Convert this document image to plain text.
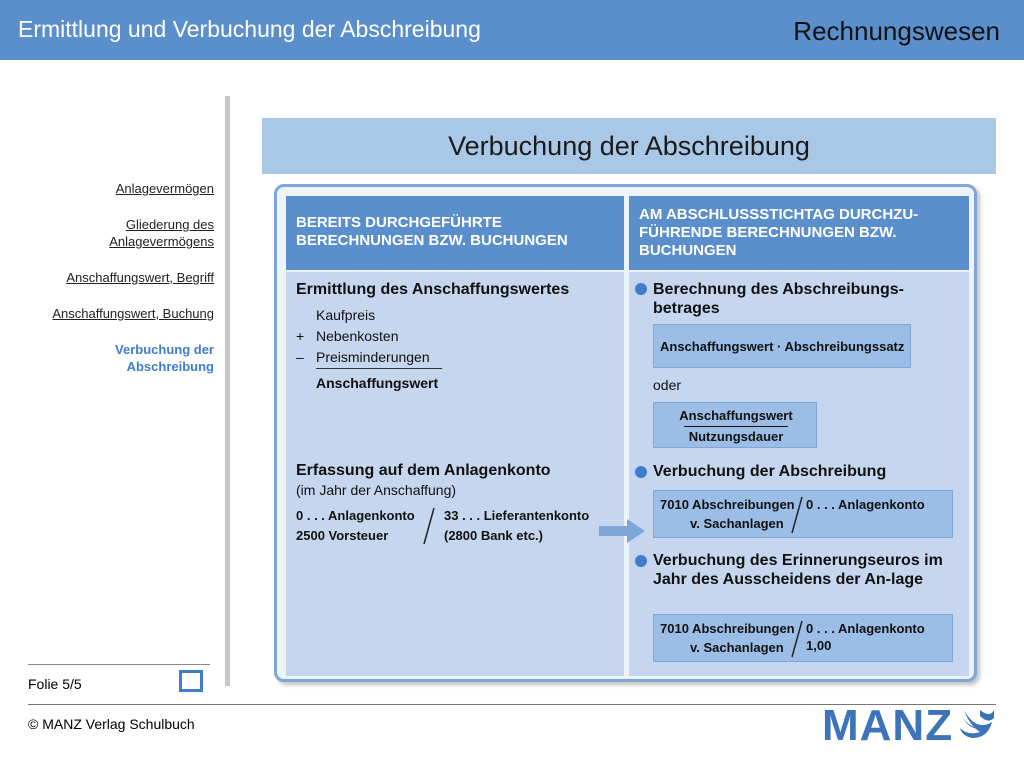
Ermittlung und Verbuchung der Abschreibung	Rechnungswesen
Anlagevermögen
Gliederung des Anlagevermögens
Anschaffungswert, Begriff
Anschaffungswert, Buchung
Verbuchung der Abschreibung
Folie 5/5
© MANZ Verlag Schulbuch	MANZ
Verbuchung der Abschreibung
BEREITS DURCHGEFÜHRTE BERECHNUNGEN BZW. BUCHUNGEN
AM ABSCHLUSSSTICHTAG DURCHZU-FÜHRENDE BERECHNUNGEN BZW. BUCHUNGEN
Ermittlung des Anschaffungswertes
Kaufpreis
+ Nebenkosten
– Preisminderungen
Anschaffungswert
Erfassung auf dem Anlagenkonto
(im Jahr der Anschaffung)
0 . . . Anlagenkonto
2500 Vorsteuer
33 . . . Lieferantenkonto
(2800 Bank etc.)
Berechnung des Abschreibungs-betrages
Anschaffungswert · Abschreibungssatz
oder
Anschaffungswert
Nutzungsdauer
Verbuchung der Abschreibung
7010 Abschreibungen
v. Sachanlagen
0 . . . Anlagenkonto
Verbuchung des Erinnerungseuros im Jahr des Ausscheidens der An-lage
7010 Abschreibungen
v. Sachanlagen
0 . . . Anlagenkonto 1,00
